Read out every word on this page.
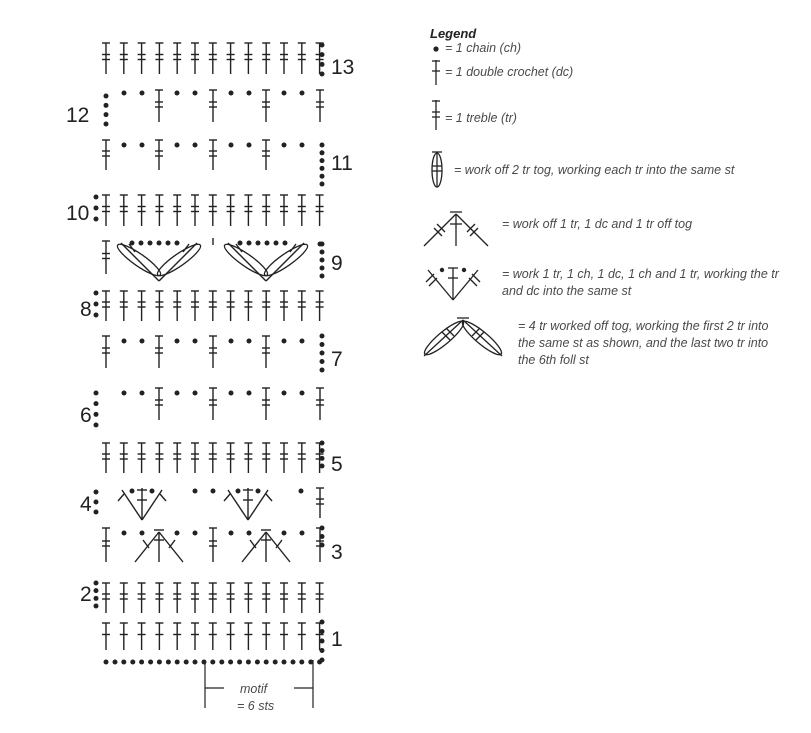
13
12
11
10
9
8
7
6
5
4
3
2
1
motif
= 6 sts
Legend
= 1 chain (ch)
= 1 double crochet (dc)
= 1 treble (tr)
= work off 2 tr tog, working each tr into the same st
= work off 1 tr, 1 dc and 1 tr off tog
= work 1 tr, 1 ch, 1 dc, 1 ch and 1 tr, working the tr and dc into the same st
= 4 tr worked off tog, working the first 2 tr into the same st as shown, and the last two tr into the 6th foll st
